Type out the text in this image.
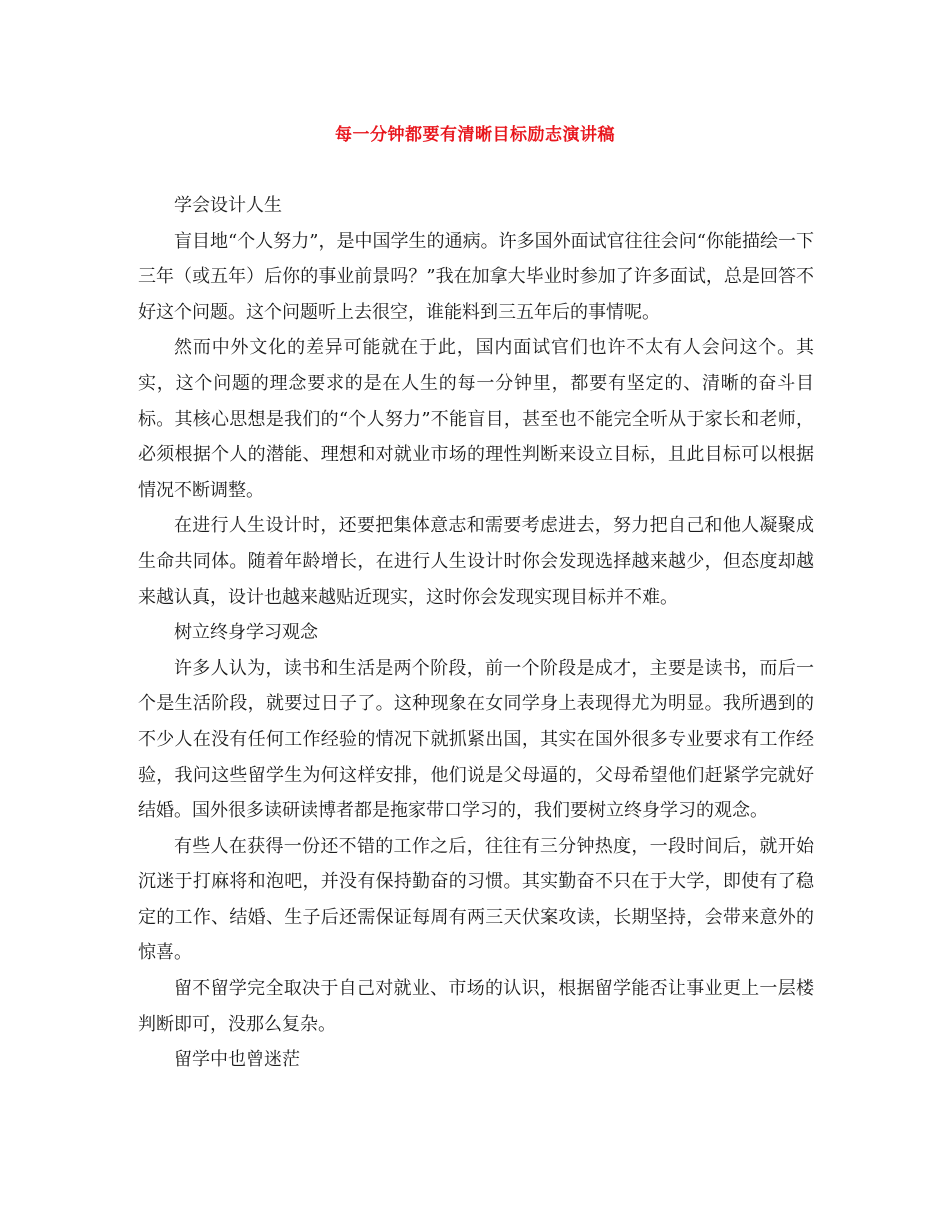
每一分钟都要有清晰目标励志演讲稿

学会设计人生

盲目地“个人努力”，是中国学生的通病。许多国外面试官往往会问“你能描绘一下三年（或五年）后你的事业前景吗？”我在加拿大毕业时参加了许多面试，总是回答不好这个问题。这个问题听上去很空，谁能料到三五年后的事情呢。

然而中外文化的差异可能就在于此，国内面试官们也许不太有人会问这个。其实，这个问题的理念要求的是在人生的每一分钟里，都要有坚定的、清晰的奋斗目标。其核心思想是我们的“个人努力”不能盲目，甚至也不能完全听从于家长和老师，必须根据个人的潜能、理想和对就业市场的理性判断来设立目标，且此目标可以根据情况不断调整。

在进行人生设计时，还要把集体意志和需要考虑进去，努力把自己和他人凝聚成生命共同体。随着年龄增长，在进行人生设计时你会发现选择越来越少，但态度却越来越认真，设计也越来越贴近现实，这时你会发现实现目标并不难。

树立终身学习观念

许多人认为，读书和生活是两个阶段，前一个阶段是成才，主要是读书，而后一个是生活阶段，就要过日子了。这种现象在女同学身上表现得尤为明显。我所遇到的不少人在没有任何工作经验的情况下就抓紧出国，其实在国外很多专业要求有工作经验，我问这些留学生为何这样安排，他们说是父母逼的，父母希望他们赶紧学完就好结婚。国外很多读研读博者都是拖家带口学习的，我们要树立终身学习的观念。

有些人在获得一份还不错的工作之后，往往有三分钟热度，一段时间后，就开始沉迷于打麻将和泡吧，并没有保持勤奋的习惯。其实勤奋不只在于大学，即使有了稳定的工作、结婚、生子后还需保证每周有两三天伏案攻读，长期坚持，会带来意外的惊喜。

留不留学完全取决于自己对就业、市场的认识，根据留学能否让事业更上一层楼判断即可，没那么复杂。

留学中也曾迷茫
